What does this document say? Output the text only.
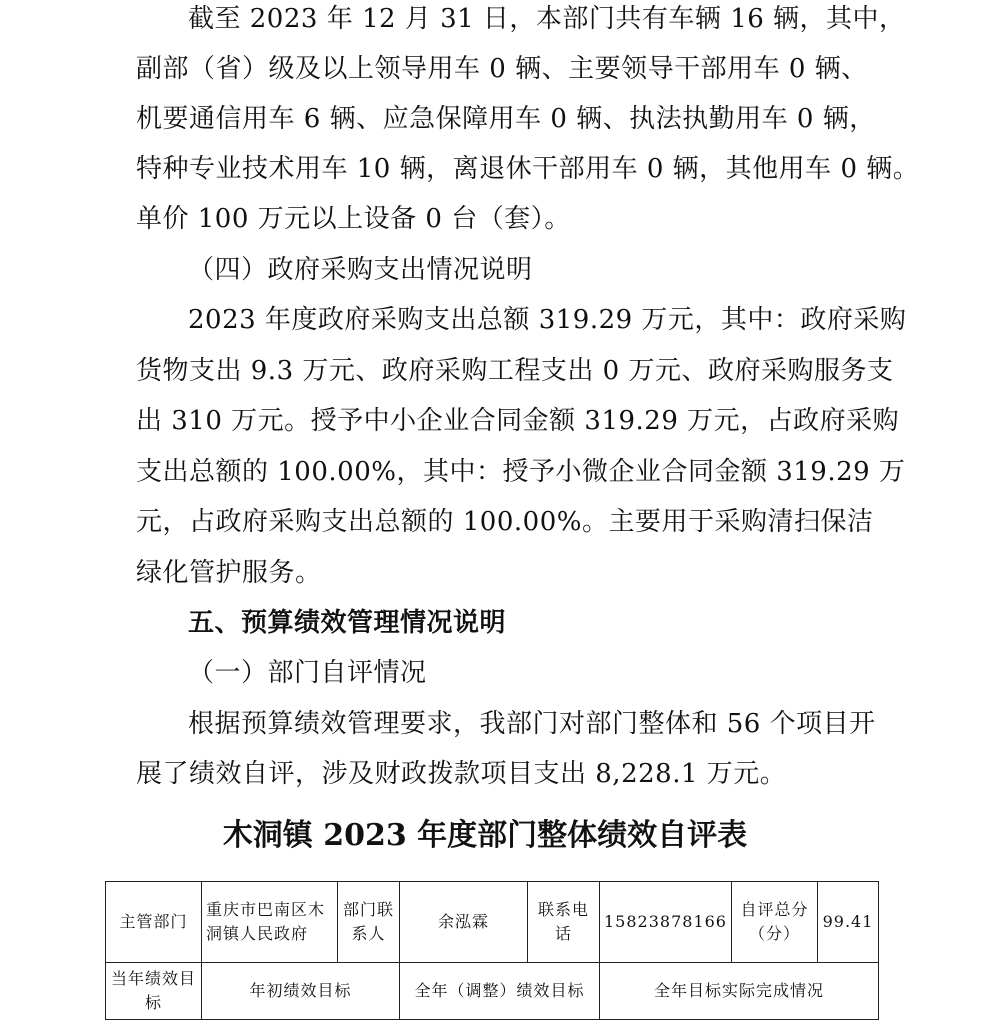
截至 2023 年 12 月 31 日，本部门共有车辆 16 辆，其中，
副部（省）级及以上领导用车 0 辆、主要领导干部用车 0 辆、
机要通信用车 6 辆、应急保障用车 0 辆、执法执勤用车 0 辆，
特种专业技术用车 10 辆，离退休干部用车 0 辆，其他用车 0 辆。
单价 100 万元以上设备 0 台（套）。
（四）政府采购支出情况说明
2023 年度政府采购支出总额 319.29 万元，其中：政府采购
货物支出 9.3 万元、政府采购工程支出 0 万元、政府采购服务支
出 310 万元。授予中小企业合同金额 319.29 万元，占政府采购
支出总额的 100.00%，其中：授予小微企业合同金额 319.29 万
元，占政府采购支出总额的 100.00%。主要用于采购清扫保洁
绿化管护服务。
五、预算绩效管理情况说明
（一）部门自评情况
根据预算绩效管理要求，我部门对部门整体和 56 个项目开
展了绩效自评，涉及财政拨款项目支出 8,228.1 万元。
木洞镇 2023 年度部门整体绩效自评表
主管部门	重庆市巴南区木洞镇人民政府	部门联系人	余泓霖	联系电话	15823878166	自评总分（分）	99.41
当年绩效目标	年初绩效目标		全年（调整）绩效目标		全年目标实际完成情况		
